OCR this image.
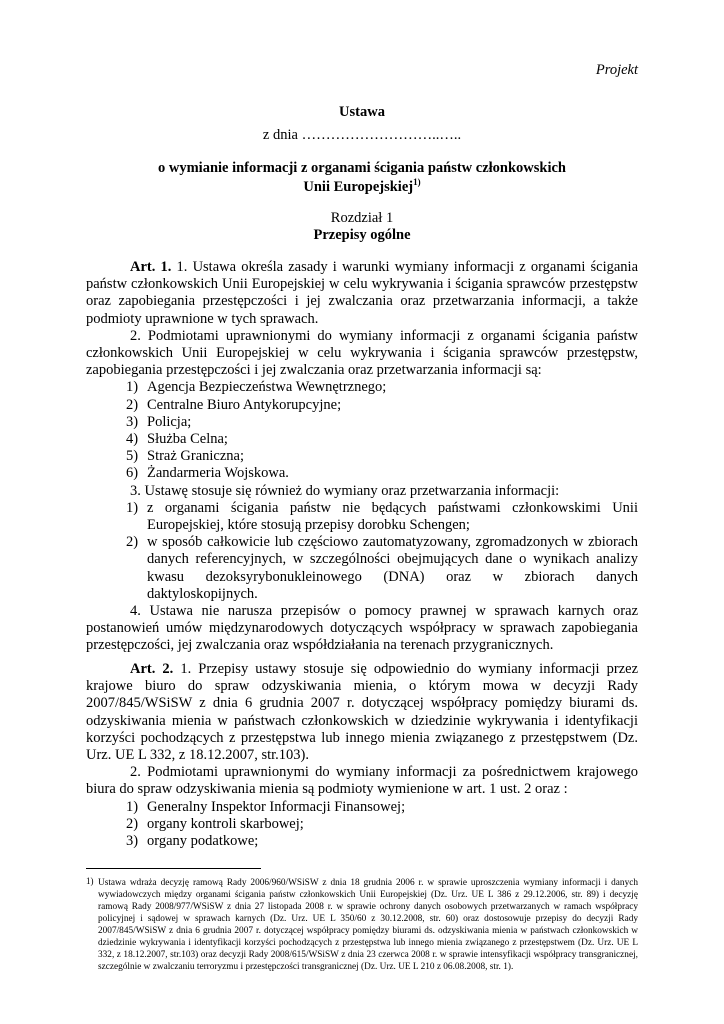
Projekt
Ustawa
z dnia ………………………..…..
o wymianie informacji z organami ścigania państw członkowskich
Unii Europejskiej$^{1)}$
Rozdział 1
Przepisy ogólne

Art. 1. 1. Ustawa określa zasady i warunki wymiany informacji z organami ścigania państw członkowskich Unii Europejskiej w celu wykrywania i ścigania sprawców przestępstw oraz zapobiegania przestępczości i jej zwalczania oraz przetwarzania informacji, a także podmioty uprawnione w tych sprawach.

2. Podmiotami uprawnionymi do wymiany informacji z organami ścigania państw członkowskich Unii Europejskiej w celu wykrywania i ścigania sprawców przestępstw, zapobiegania przestępczości i jej zwalczania oraz przetwarzania informacji są:

1) Agencja Bezpieczeństwa Wewnętrznego;
2) Centralne Biuro Antykorupcyjne;
3) Policja;
4) Służba Celna;
5) Straż Graniczna;
6) Żandarmeria Wojskowa.

3. Ustawę stosuje się również do wymiany oraz przetwarzania informacji:

1) z organami ścigania państw nie będących państwami członkowskimi Unii Europejskiej, które stosują przepisy dorobku Schengen;
2) w sposób całkowicie lub częściowo zautomatyzowany, zgromadzonych w zbiorach danych referencyjnych, w szczególności obejmujących dane o wynikach analizy kwasu dezoksyrybonukleinowego (DNA) oraz w zbiorach danych daktyloskopijnych.

4. Ustawa nie narusza przepisów o pomocy prawnej w sprawach karnych oraz postanowień umów międzynarodowych dotyczących współpracy w sprawach zapobiegania przestępczości, jej zwalczania oraz współdziałania na terenach przygranicznych.

Art. 2. 1. Przepisy ustawy stosuje się odpowiednio do wymiany informacji przez krajowe biuro do spraw odzyskiwania mienia, o którym mowa w decyzji Rady 2007/845/WSiSW z dnia 6 grudnia 2007 r. dotyczącej współpracy pomiędzy biurami ds. odzyskiwania mienia w państwach członkowskich w dziedzinie wykrywania i identyfikacji korzyści pochodzących z przestępstwa lub innego mienia związanego z przestępstwem (Dz. Urz. UE L 332, z 18.12.2007, str.103).

2. Podmiotami uprawnionymi do wymiany informacji za pośrednictwem krajowego biura do spraw odzyskiwania mienia są podmioty wymienione w art. 1 ust. 2 oraz :

1) Generalny Inspektor Informacji Finansowej;
2) organy kontroli skarbowej;
3) organy podatkowe;
1) Ustawa wdraża decyzję ramową Rady 2006/960/WSiSW z dnia 18 grudnia 2006 r. w sprawie uproszczenia wymiany informacji i danych wywiadowczych między organami ścigania państw członkowskich Unii Europejskiej (Dz. Urz. UE L 386 z 29.12.2006, str. 89) i decyzję ramową Rady 2008/977/WSiSW z dnia 27 listopada 2008 r. w sprawie ochrony danych osobowych przetwarzanych w ramach współpracy policyjnej i sądowej w sprawach karnych (Dz. Urz. UE L 350/60 z 30.12.2008, str. 60) oraz dostosowuje przepisy do decyzji Rady 2007/845/WSiSW z dnia 6 grudnia 2007 r. dotyczącej współpracy pomiędzy biurami ds. odzyskiwania mienia w państwach członkowskich w dziedzinie wykrywania i identyfikacji korzyści pochodzących z przestępstwa lub innego mienia związanego z przestępstwem (Dz. Urz. UE L 332, z 18.12.2007, str.103) oraz decyzji Rady 2008/615/WSiSW z dnia 23 czerwca 2008 r. w sprawie intensyfikacji współpracy transgranicznej, szczególnie w zwalczaniu terroryzmu i przestępczości transgranicznej (Dz. Urz. UE L 210 z 06.08.2008, str. 1).
